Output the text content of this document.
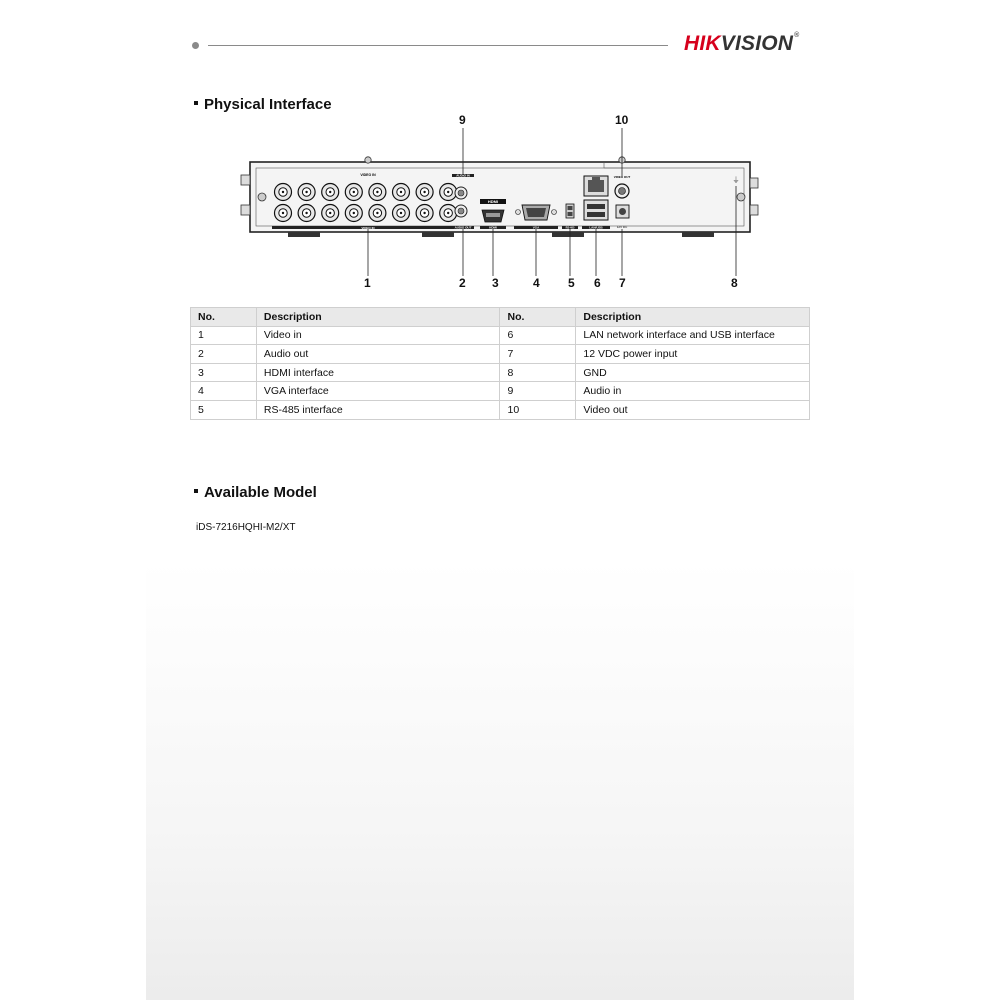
HIKVISION®
Physical Interface
VIDEO IN
VIDEO IN
AUDIO IN
AUDIO OUT
HDMI
HDMI	VGA	RS-485	LAN/USB
VIDEO OUT
12V DC
⏚
9	10
1	2 3	4 5 6 7	8
No.	Description	No.	Description
1	Video in	6	LAN network interface and USB interface
2	Audio out	7	12 VDC power input
3	HDMI interface	8	GND
4	VGA interface	9	Audio in
5	RS-485 interface	10	Video out
Available Model
iDS-7216HQHI-M2/XT
